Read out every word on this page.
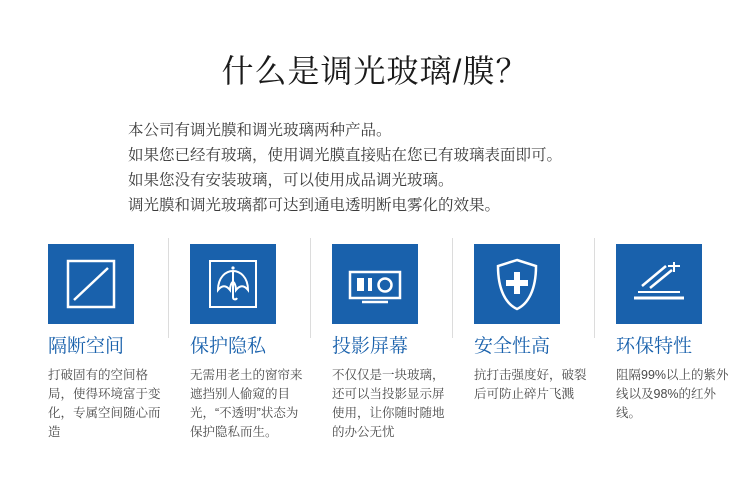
什么是调光玻璃/膜？
本公司有调光膜和调光玻璃两种产品。
如果您已经有玻璃，使用调光膜直接贴在您已有玻璃表面即可。
如果您没有安装玻璃，可以使用成品调光玻璃。
调光膜和调光玻璃都可达到通电透明断电雾化的效果。
隔断空间
打破固有的空间格局，使得环境富于变化，专属空间随心而造
保护隐私
无需用老土的窗帘来遮挡别人偷窥的目光，“不透明”状态为保护隐私而生。
投影屏幕
不仅仅是一块玻璃，还可以当投影显示屏使用，让你随时随地的办公无忧
安全性高
抗打击强度好，破裂后可防止碎片飞溅
环保特性
阻隔99%以上的紫外线以及98%的红外线。
